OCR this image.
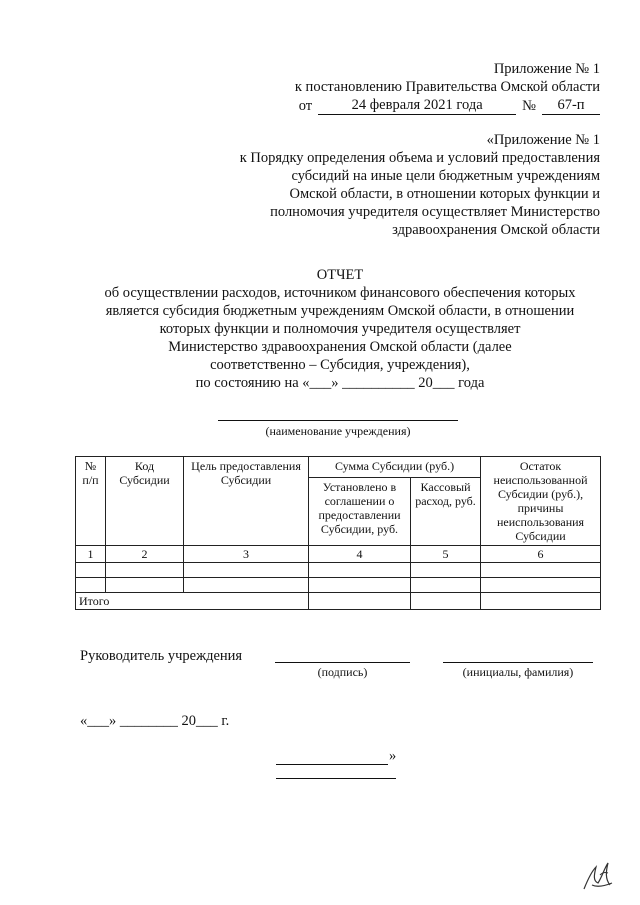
Приложение № 1
к постановлению Правительства Омской области
от	24 февраля 2021 года	№	67-п
«Приложение № 1
к Порядку определения объема и условий предоставления
субсидий на иные цели бюджетным учреждениям
Омской области, в отношении которых функции и
полномочия учредителя осуществляет Министерство
здравоохранения Омской области
ОТЧЕТ
об осуществлении расходов, источником финансового обеспечения которых
является субсидия бюджетным учреждениям Омской области, в отношении
которых функции и полномочия учредителя осуществляет
Министерство здравоохранения Омской области (далее
соответственно – Субсидия, учреждения),
по состоянию на «___» __________ 20___ года
(наименование учреждения)
№ п/п	Код Субсидии	Цель предоставления Субсидии	Сумма Субсидии (руб.)		Остаток неиспользованной Субсидии (руб.), причины неиспользования Субсидии
			Установлено в соглашении о предоставлении Субсидии, руб.	Кассовый расход, руб.	
1	2	3	4	5	6

Итого					
Руководитель учреждения
(подпись)	(инициалы, фамилия)
«___» ________ 20___ г.
»
